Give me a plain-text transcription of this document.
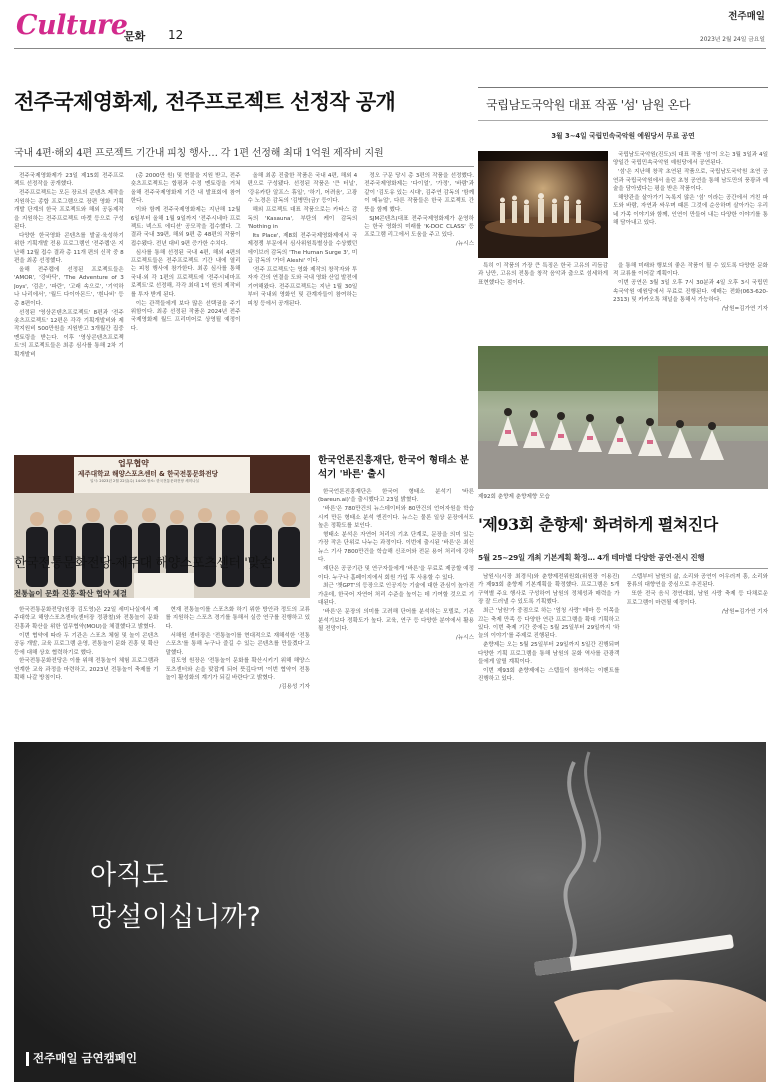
Culture
문화 12
전주매일
2023년 2월 24일 금요일
전주국제영화제, 전주프로젝트 선정작 공개
국내 4편·해외 4편 프로젝트 기간내 피칭 행사… 각 1편 선정해 최대 1억원 제작비 지원

전주국제영화제가 23일 제15회 전주프로젝트 선정작을 공개했다.

전주프로젝트는 모든 장르의 콘텐츠 제작을 지원하는 종합 프로그램으로 장편 영화 기획개발 단계의 한국 프로젝트와 해외 공동제작을 지원하는 전주프로젝트 마켓 등으로 구성된다.

다양한 한국영화 콘텐츠를 발굴·육성하기 위한 기획개발 전용 프로그램인 '전주랩'은 지난해 12월 접수 결과 총 11개 편의 신작 중 8편을 최종 선정했다.

올해 전주랩에 선정된 프로젝트들은 'AMOR', '강바닥', 'The Adventure of 3 Joys', '검은', '파란', '고래 속으로', '기억하나 나리에서', '월드 다이아몬드', '흰나비' 등 총 8편이다.

선정된 '영상콘텐츠프로젝트' 8편과 '전주숏츠프로젝트' 12편은 각각 기획개발비와 제작지원비 500만원을 지원받고 3개월간 집중 멘토링을 받는다. 이후 '영상콘텐츠프로젝트'의 프로젝트들은 최종 심사를 통해 2차 기획개발비

(총 2000만 원) 및 현물을 지원 받고, 전주숏츠프로젝트는 합평과 수정 멘토링을 거쳐 올해 전주국제영화제 기간 내 발표회에 참여한다.

이와 함께 전주국제영화제는 지난해 12월 6일부터 올해 1월 9일까지 '전주시네마 프로젝트: 넥스트 에디션' 공모작을 접수했다. 그 결과 국내 39편, 해외 9편 총 48편의 작품이 접수됐다. 전년 대비 9편 증가한 수치다.

심사를 통해 선정된 국내 4편, 해외 4편의 프로젝트들은 전주프로젝트 기간 내에 열리는 피칭 행사에 참가한다. 최종 심사를 통해 국내·외 각 1편의 프로젝트에 '전주시네마프로젝트'로 선정해, 각각 최대 1억 원의 제작비를 투자 받게 된다.

이는 관객들에게 보다 많은 선택권을 주기 위함이다. 최종 선정된 작품은 2024년 전주국제영화제 월드 프리미어로 상영될 예정이다.

올해 최종 진출한 작품은 국내 4편, 해외 4편으로 구성됐다. 선정된 작품은 '큰 터널', '강유카탄 알프스 휴일', '하기, 어려움', 고광수 노경은 감독의 '김병만(금)' 등이다.

해외 프로젝트 대표 작품으로는 카타스 감독의 'Kasauna', 부탄의 케이 감독의 'Nothing in

Its Place', 제8회 전주국제영화제에서 국제경쟁 부문에서 심사위원특별상을 수상했던 에이브러 감독의 'The Human Surge 3', 미 급 감독의 '가더 Aleshi' 이다.

'전주 프로젝트'는 영화 제작의 창작자와 투자자 간의 연결을 도와 국내 영화 산업 발전에 기여해왔다. 전주프로젝트는 지난 1월 30일부터 국내외 영화인 및 관계자들이 참여하는 피칭 등에서 공개된다.

정오 구문 당시 총 3편의 작품을 선정했다. 전주국제영화제는 '다이얼', '가정', '바람'과 같이 '김도유 있는 시대', 김주연 감독의 '함께 이 메뉴얼', 다른 작품들은 한국 프로젝트 간 뜻을 함께 했다.

SJM콘텐츠(대표 전주국제영화제가 운영하는 한국 영화의 미래를 'K-DOC CLASS' 등 프로그램 리그에서 도움을 주고 있다.

/뉴시스
국립남도국악원 대표 작품 '섬' 남원 온다
3월 3~4일 국립민속국악원 예원당서 무료 공연

국립남도국악원(진도)의 대표 작품 '섬'이 오는 3월 3일과 4일 양일간 국립민속국악원 예원당에서 공연된다.

'섬'은 지난해 창작 초연된 작품으로, 국립남도국악원 초연 공연과 국립국악원에서 올린 초청 공연을 통해 남도만의 풍광과 예술을 담아냈다는 평을 받은 작품이다.

해양관을 살아가기 녹록지 않은 '섬' 이라는 공간에서 거친 파도와 바람, 자연과 싸우며 때론 그것에 순응하며 살아가는 우리네 가족 이야기와 함께, 인연이 만들어 내는 다양한 이야기를 통해 담아내고 있다.

특히 이 작품의 가장 큰 특징은 한국 고유의 리듬감과 낭만, 고유의 전통을 창작 음악과 춤으로 섬세하게 표현했다는 점이다.

을 통해 미래와 행보의 좋은 작품이 될 수 있도록 다양한 문화적 교류를 이어갈 계획이다.

이번 공연은 3월 3일 오후 7시 30분과 4일 오후 3시 국립민속국악원 예원당에서 무료로 진행된다. 예매는 전화(063-620-2313) 및 카카오톡 채널을 통해서 가능하다.

/남원=김가연 기자
제92회 춘향제 춘향제향 모습
'제93회 춘향제' 화려하게 펼쳐진다
5월 25~29일 개최 기본계획 확정… 4개 테마별 다양한 공연·전시 진행

남원시(시장 최경식)와 춘향제전위원회(위원장 이용진)가 제93회 춘향제 기본계획을 확정했다. 프로그램은 5개 구역별 주요 행사로 구성하여 남원의 정체성과 매력을 가장 잘 드러낼 수 있도록 기획했다.

최근 '남원'가 중점으로 하는 '엄청 사랑' 테마 등 이목을 끄는 축제 만족 등 다양한 연관 프로그램을 확대 기획하고 있다. 이번 축제 기간 중에는 5월 25일부터 29일까지 '하늘의 이야기'를 주제로 진행된다.

춘향제는 오는 5월 25일부터 29일까지 5일간 진행되며 다양한 기획 프로그램을 통해 남원의 문화 역사를 관광객들에게 알릴 계획이다.

이번 제93회 춘향제에는 스텝들이 참여하는 이벤트를 진행하고 있다.

스텝부터 남원의 삶, 소리와 공연이 어우러져 흥, 소리와 풍류의 대향연을 중심으로 추진된다.

또한 전국 음식 경연대회, 남원 사랑 축제 등 다채로운 프로그램이 마련될 예정이다.

/남원=김가연 기자
업무협약
제주대학교 해양스포츠센터 & 한국전통문화전당
일시: 2023년 2월 22일(수) 14:00 장소: 한국전통문화전당 세미나실
한국전통문화전당-제주대 해양스포츠센터 '맞손'
전통놀이 문화 진흥·확산 협약 체결

한국전통문화전당(원장 김도영)은 22일 세미나실에서 제주대학교 해양스포츠센터(센터장 정광철)와 전통놀이 문화 진흥과 확산을 위한 업무협약(MOU)을 체결했다고 밝혔다.

이번 협약에 따라 두 기관은 스포츠 체험 및 놀이 콘텐츠 공동 개발, 교육 프로그램 운영, 전통놀이 문화 진흥 및 확산 등에 대해 상호 협력하기로 했다.

한국전통문화전당은 이를 위해 전통놀이 체험 프로그램과 연계한 교육 과정을 마련하고, 2023년 전통놀이 축제를 기획해 나갈 방침이다.

현재 전통놀이를 스포츠화 하기 위한 방안과 정도의 교류를 지원하는 스포츠 경기를 통해서 실증 연구를 진행하고 있다.

서해원 센터장은 '전통놀이를 현대적으로 재해석한 '전통스포츠'를 통해 누구나 즐길 수 있는 콘텐츠를 만들겠다'고 말했다.

김도영 원장은 '전통놀이 문화를 확산시키기 위해 해양스포츠센터와 손을 맞잡게 되어 뜻깊다'며 '이번 협약이 전통놀이 활성화의 계기가 되길 바란다'고 밝혔다.

/김용성 기자
한국언론진흥재단, 한국어 형태소 분석기 '바른' 출시

한국언론진흥재단은 한국어 형태소 분석기 '바른(bareun.ai)'을 출시했다고 23일 밝혔다.

'바른'은 780만건의 뉴스데이터와 80만건의 언어자원을 학습시켜 만든 형태소 분석 엔진이다. 뉴스는 물론 일상 문장에서도 높은 정확도를 보인다.

형태소 분석은 자연어 처리의 기초 단계로, 문장을 의미 있는 가장 작은 단위로 나누는 과정이다. 이번에 출시된 '바른'은 최신 뉴스 기사 7800만건을 학습해 신조어와 전문 용어 처리에 강하다.

재단은 공공기관 및 연구자들에게 '바른'을 무료로 제공할 예정이다. 누구나 홈페이지에서 회원 가입 후 사용할 수 있다.

최근 '챗GPT'의 등장으로 인공지능 기술에 대한 관심이 높아진 가운데, 한국어 자연어 처리 수준을 높이는 데 기여할 것으로 기대된다.

'바른'은 문장의 의미를 고려해 단어를 분석하는 모델로, 기존 분석기보다 정확도가 높다. 교육, 연구 등 다양한 분야에서 활용될 전망이다.

/뉴시스
아직도
망설이십니까?
전주매일 금연캠페인
